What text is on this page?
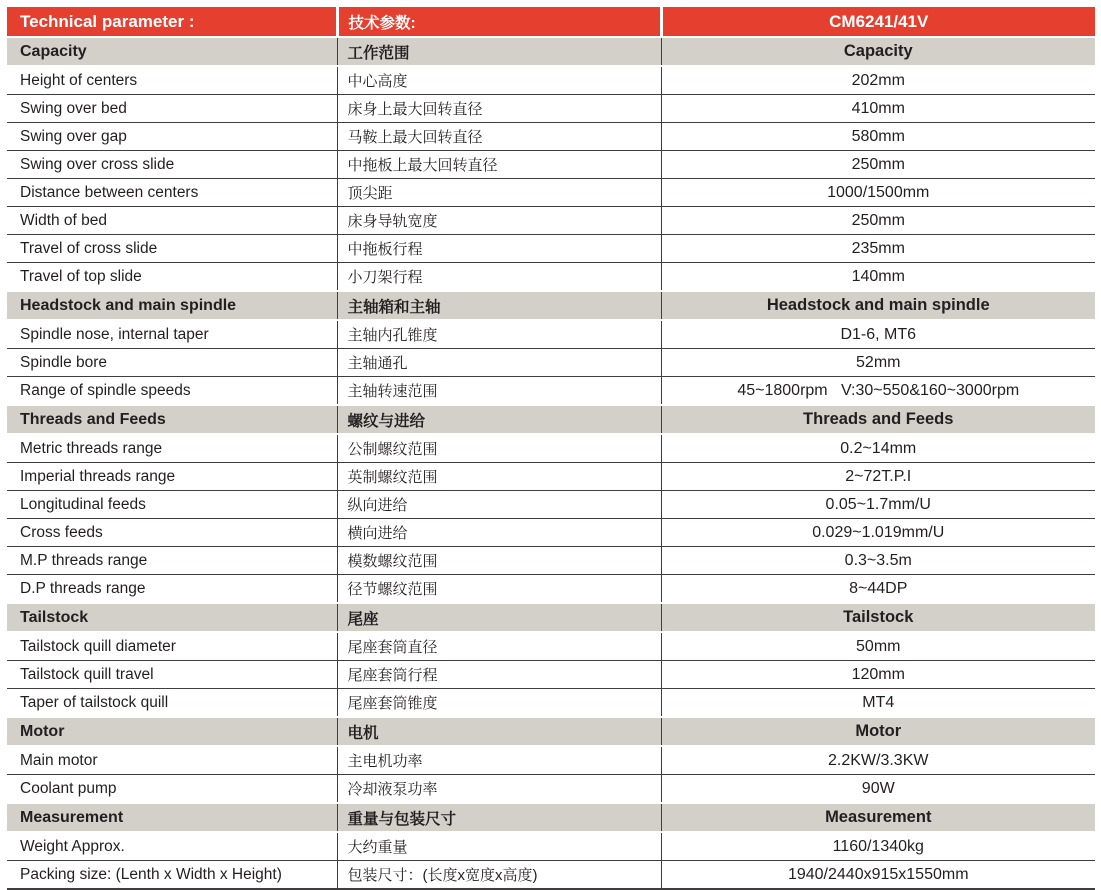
Technical parameter :	技术参数:	CM6241/41V
Capacity	工作范围	Capacity
Height of centers	中心高度	202mm
Swing over bed	床身上最大回转直径	410mm
Swing over gap	马鞍上最大回转直径	580mm
Swing over cross slide	中拖板上最大回转直径	250mm
Distance between centers	顶尖距	1000/1500mm
Width of bed	床身导轨宽度	250mm
Travel of cross slide	中拖板行程	235mm
Travel of top slide	小刀架行程	140mm
Headstock and main spindle	主轴箱和主轴	Headstock and main spindle
Spindle nose, internal taper	主轴内孔锥度	D1-6, MT6
Spindle bore	主轴通孔	52mm
Range of spindle speeds	主轴转速范围	45~1800rpm   V:30~550&160~3000rpm
Threads and Feeds	螺纹与进给	Threads and Feeds
Metric threads range	公制螺纹范围	0.2~14mm
Imperial threads range	英制螺纹范围	2~72T.P.I
Longitudinal feeds	纵向进给	0.05~1.7mm/U
Cross feeds	横向进给	0.029~1.019mm/U
M.P threads range	模数螺纹范围	0.3~3.5m
D.P threads range	径节螺纹范围	8~44DP
Tailstock	尾座	Tailstock
Tailstock quill diameter	尾座套筒直径	50mm
Tailstock quill travel	尾座套筒行程	120mm
Taper of tailstock quill	尾座套筒锥度	MT4
Motor	电机	Motor
Main motor	主电机功率	2.2KW/3.3KW
Coolant pump	冷却液泵功率	90W
Measurement	重量与包装尺寸	Measurement
Weight Approx.	大约重量	1160/1340kg
Packing size: (Lenth x Width x Height)	包装尺寸：(长度x宽度x高度)	1940/2440x915x1550mm
